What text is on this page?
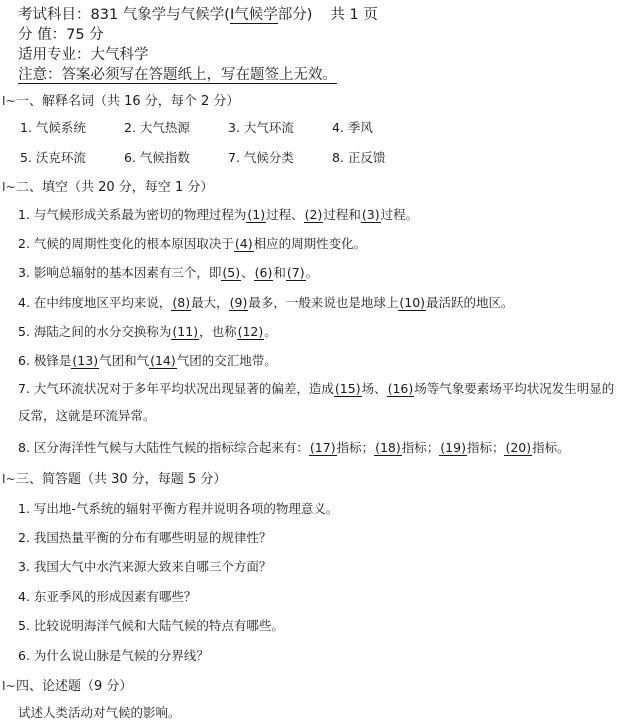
考试科目：831 气象学与气候学(I气候学部分) 共 1 页
分 值：75 分
适用专业：大气科学
注意：答案必须写在答题纸上，写在题签上无效。
I~一、解释名词（共 16 分，每个 2 分）
1. 气候系统	2. 大气热源	3. 大气环流	4. 季风
5. 沃克环流	6. 气候指数	7. 气候分类	8. 正反馈
I~二、填空（共 20 分，每空 1 分）
1. 与气候形成关系最为密切的物理过程为(1)过程、(2)过程和(3)过程。
2. 气候的周期性变化的根本原因取决于(4)相应的周期性变化。
3. 影响总辐射的基本因素有三个，即(5)、(6)和(7)。
4. 在中纬度地区平均来说，(8)最大，(9)最多，一般来说也是地球上(10)最活跃的地区。
5. 海陆之间的水分交换称为(11)，也称(12)。
6. 极锋是(13)气团和气(14)气团的交汇地带。
7. 大气环流状况对于多年平均状况出现显著的偏差，造成(15)场、(16)场等气象要素场平均状况发生明显的反常，这就是环流异常。
8. 区分海洋性气候与大陆性气候的指标综合起来有：(17)指标；(18)指标；(19)指标；(20)指标。
I~三、简答题（共 30 分，每题 5 分）
1. 写出地-气系统的辐射平衡方程并说明各项的物理意义。
2. 我国热量平衡的分布有哪些明显的规律性？
3. 我国大气中水汽来源大致来自哪三个方面？
4. 东亚季风的形成因素有哪些？
5. 比较说明海洋气候和大陆气候的特点有哪些。
6. 为什么说山脉是气候的分界线？
I~四、论述题（9 分）
试述人类活动对气候的影响。
